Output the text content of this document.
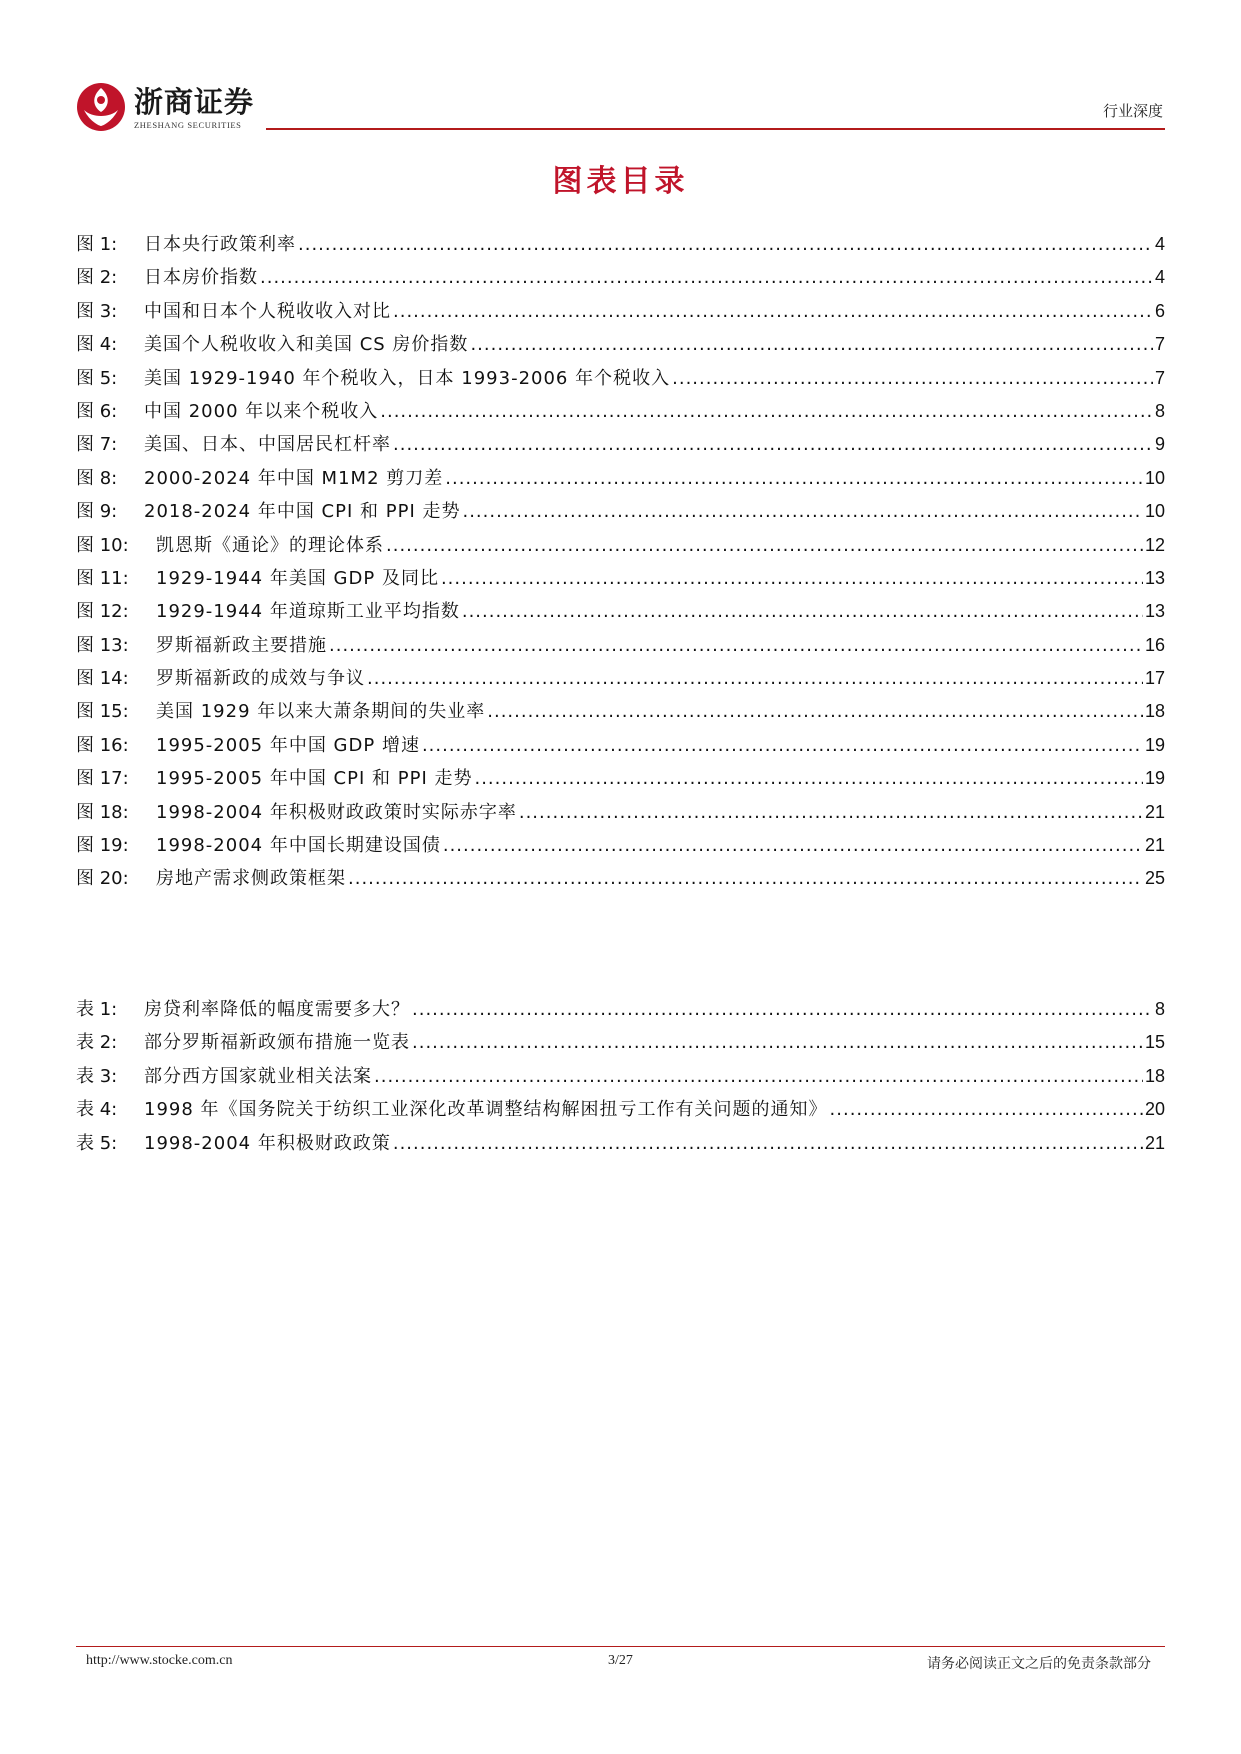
浙商证券
ZHESHANG SECURITIES
行业深度
图表目录
图 1:	日本央行政策利率 .....	4
图 2:	日本房价指数 .....	4
图 3:	中国和日本个人税收收入对比 .....	6
图 4:	美国个人税收收入和美国 CS 房价指数 .....	7
图 5:	美国 1929-1940 年个税收入，日本 1993-2006 年个税收入 .....	7
图 6:	中国 2000 年以来个税收入 .....	8
图 7:	美国、日本、中国居民杠杆率 .....	9
图 8:	2000-2024 年中国 M1M2 剪刀差 .....	10
图 9:	2018-2024 年中国 CPI 和 PPI 走势 .....	10
图 10:	凯恩斯《通论》的理论体系 .....	12
图 11:	1929-1944 年美国 GDP 及同比 .....	13
图 12:	1929-1944 年道琼斯工业平均指数 .....	13
图 13:	罗斯福新政主要措施 .....	16
图 14:	罗斯福新政的成效与争议 .....	17
图 15:	美国 1929 年以来大萧条期间的失业率 .....	18
图 16:	1995-2005 年中国 GDP 增速 .....	19
图 17:	1995-2005 年中国 CPI 和 PPI 走势 .....	19
图 18:	1998-2004 年积极财政政策时实际赤字率 .....	21
图 19:	1998-2004 年中国长期建设国债 .....	21
图 20:	房地产需求侧政策框架 .....	25
表 1:	房贷利率降低的幅度需要多大？ .....	8
表 2:	部分罗斯福新政颁布措施一览表 .....	15
表 3:	部分西方国家就业相关法案 .....	18
表 4:	1998 年《国务院关于纺织工业深化改革调整结构解困扭亏工作有关问题的通知》 .....	20
表 5:	1998-2004 年积极财政政策 .....	21
http://www.stocke.com.cn	3/27	请务必阅读正文之后的免责条款部分
